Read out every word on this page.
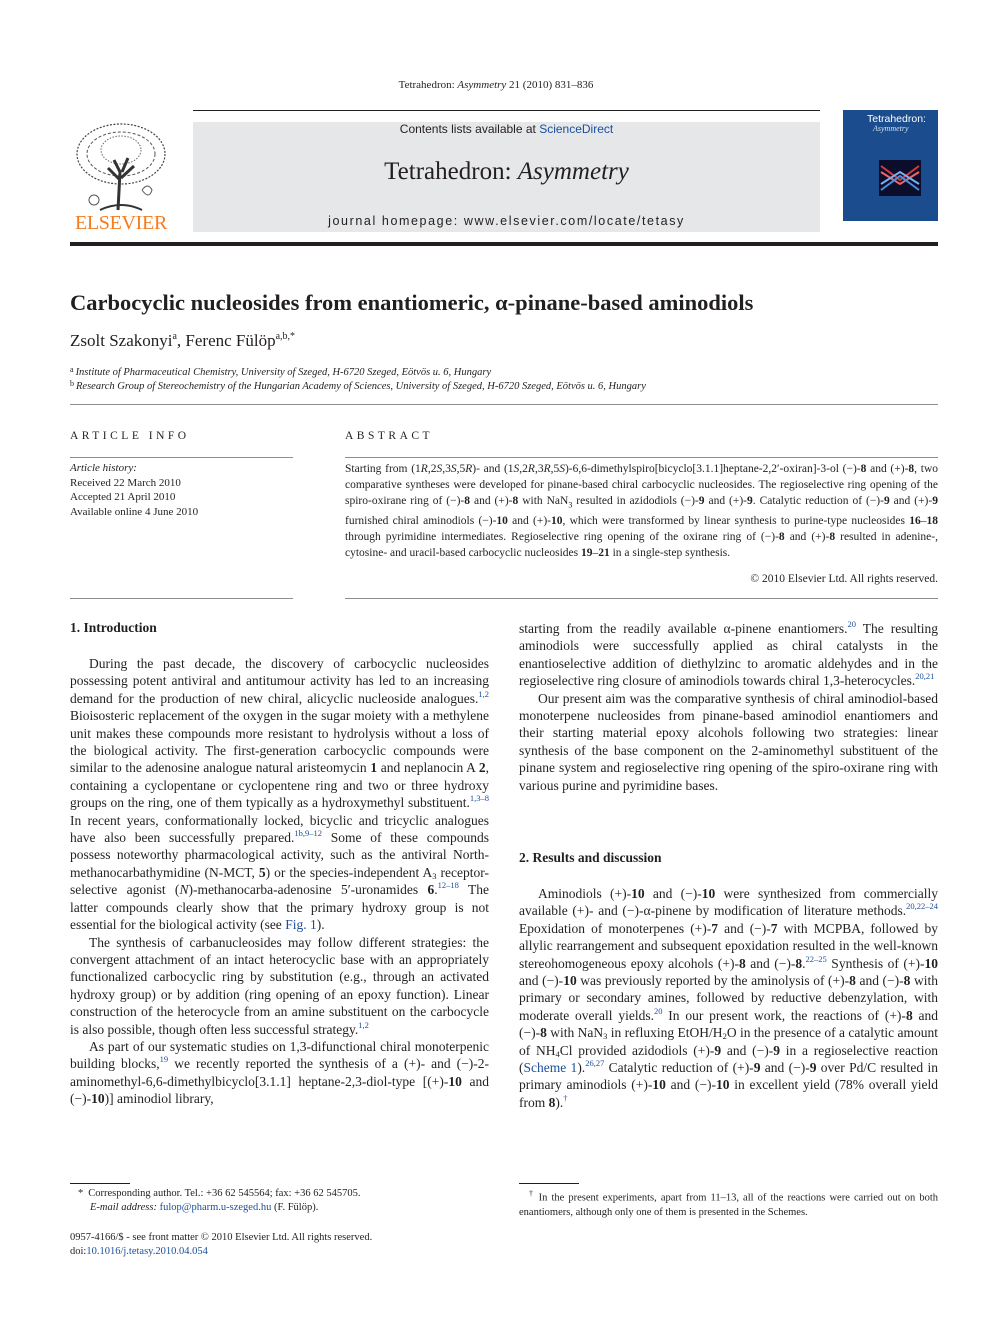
Tetrahedron: Asymmetry 21 (2010) 831–836
ELSEVIER
Contents lists available at ScienceDirect
Tetrahedron: Asymmetry
journal homepage: www.elsevier.com/locate/tetasy
Tetrahedron:
Asymmetry
Carbocyclic nucleosides from enantiomeric, α-pinane-based aminodiols
Zsolt Szakonyi$^a$, Ferenc Fülöp$^{a,b,*}$
$^a$ Institute of Pharmaceutical Chemistry, University of Szeged, H-6720 Szeged, Eötvös u. 6, Hungary
$^b$ Research Group of Stereochemistry of the Hungarian Academy of Sciences, University of Szeged, H-6720 Szeged, Eötvös u. 6, Hungary
ARTICLE INFO
Article history:
Received 22 March 2010
Accepted 21 April 2010
Available online 4 June 2010
ABSTRACT
Starting from (1R,2S,3S,5R)- and (1S,2R,3R,5S)-6,6-dimethylspiro[bicyclo[3.1.1]heptane-2,2′-oxiran]-3-ol (−)-8 and (+)-8, two comparative syntheses were developed for pinane-based chiral carbocyclic nucleosides. The regioselective ring opening of the spiro-oxirane ring of (−)-8 and (+)-8 with NaN$_3$ resulted in azidodiols (−)-9 and (+)-9. Catalytic reduction of (−)-9 and (+)-9 furnished chiral aminodiols (−)-10 and (+)-10, which were transformed by linear synthesis to purine-type nucleosides 16–18 through pyrimidine intermediates. Regioselective ring opening of the oxirane ring of (−)-8 and (+)-8 resulted in adenine-, cytosine- and uracil-based carbocyclic nucleosides 19–21 in a single-step synthesis.
© 2010 Elsevier Ltd. All rights reserved.
1. Introduction

During the past decade, the discovery of carbocyclic nucleosides possessing potent antiviral and antitumour activity has led to an increasing demand for the production of new chiral, alicyclic nucleoside analogues.$^{1,2}$ Bioisosteric replacement of the oxygen in the sugar moiety with a methylene unit makes these compounds more resistant to hydrolysis without a loss of the biological activity. The first-generation carbocyclic compounds were similar to the adenosine analogue natural aristeomycin 1 and neplanocin A 2, containing a cyclopentane or cyclopentene ring and two or three hydroxy groups on the ring, one of them typically as a hydroxymethyl substituent.$^{1,3-8}$ In recent years, conformationally locked, bicyclic and tricyclic analogues have also been successfully prepared.$^{1b,9-12}$ Some of these compounds possess noteworthy pharmacological activity, such as the antiviral North-methanocarbathymidine (N-MCT, 5) or the species-independent $A_3$ receptor-selective agonist (N)-methanocarba-adenosine 5′-uronamides 6.$^{12-18}$ The latter compounds clearly show that the primary hydroxy group is not essential for the biological activity (see Fig. 1).

The synthesis of carbanucleosides may follow different strategies: the convergent attachment of an intact heterocyclic base with an appropriately functionalized carbocyclic ring by substitution (e.g., through an activated hydroxy group) or by addition (ring opening of an epoxy function). Linear construction of the heterocycle from an amine substituent on the carbocycle is also possible, though often less successful strategy.$^{1,2}$

As part of our systematic studies on 1,3-difunctional chiral monoterpenic building blocks,$^{19}$ we recently reported the synthesis of a (+)- and (−)-2-aminomethyl-6,6-dimethylbicyclo[3.1.1] heptane-2,3-diol-type [(+)-10 and (−)-10)] aminodiol library,

starting from the readily available α-pinene enantiomers.$^{20}$ The resulting aminodiols were successfully applied as chiral catalysts in the enantioselective addition of diethylzinc to aromatic aldehydes and in the regioselective ring closure of aminodiols towards chiral 1,3-heterocycles.$^{20,21}$

Our present aim was the comparative synthesis of chiral aminodiol-based monoterpene nucleosides from pinane-based aminodiol enantiomers and their starting material epoxy alcohols following two strategies: linear synthesis of the base component on the 2-aminomethyl substituent of the pinane system and regioselective ring opening of the spiro-oxirane ring with various purine and pyrimidine bases.

2. Results and discussion

Aminodiols (+)-10 and (−)-10 were synthesized from commercially available (+)- and (−)-α-pinene by modification of literature methods.$^{20,22-24}$ Epoxidation of monoterpenes (+)-7 and (−)-7 with MCPBA, followed by allylic rearrangement and subsequent epoxidation resulted in the well-known stereohomogeneous epoxy alcohols (+)-8 and (−)-8.$^{22-25}$ Synthesis of (+)-10 and (−)-10 was previously reported by the aminolysis of (+)-8 and (−)-8 with primary or secondary amines, followed by reductive debenzylation, with moderate overall yields.$^{20}$ In our present work, the reactions of (+)-8 and (−)-8 with NaN$_3$ in refluxing EtOH/$H_2O$ in the presence of a catalytic amount of $NH_4Cl$ provided azidodiols (+)-9 and (−)-9 in a regioselective reaction (Scheme 1).$^{26,27}$ Catalytic reduction of (+)-9 and (−)-9 over Pd/C resulted in primary aminodiols (+)-10 and (−)-10 in excellent yield (78% overall yield from 8).†

* Corresponding author. Tel.: +36 62 545564; fax: +36 62 545705.
E-mail address: fulop@pharm.u-szeged.hu (F. Fülöp).
† In the present experiments, apart from 11–13, all of the reactions were carried out on both enantiomers, although only one of them is presented in the Schemes.
0957-4166/$ - see front matter © 2010 Elsevier Ltd. All rights reserved.
doi:10.1016/j.tetasy.2010.04.054
